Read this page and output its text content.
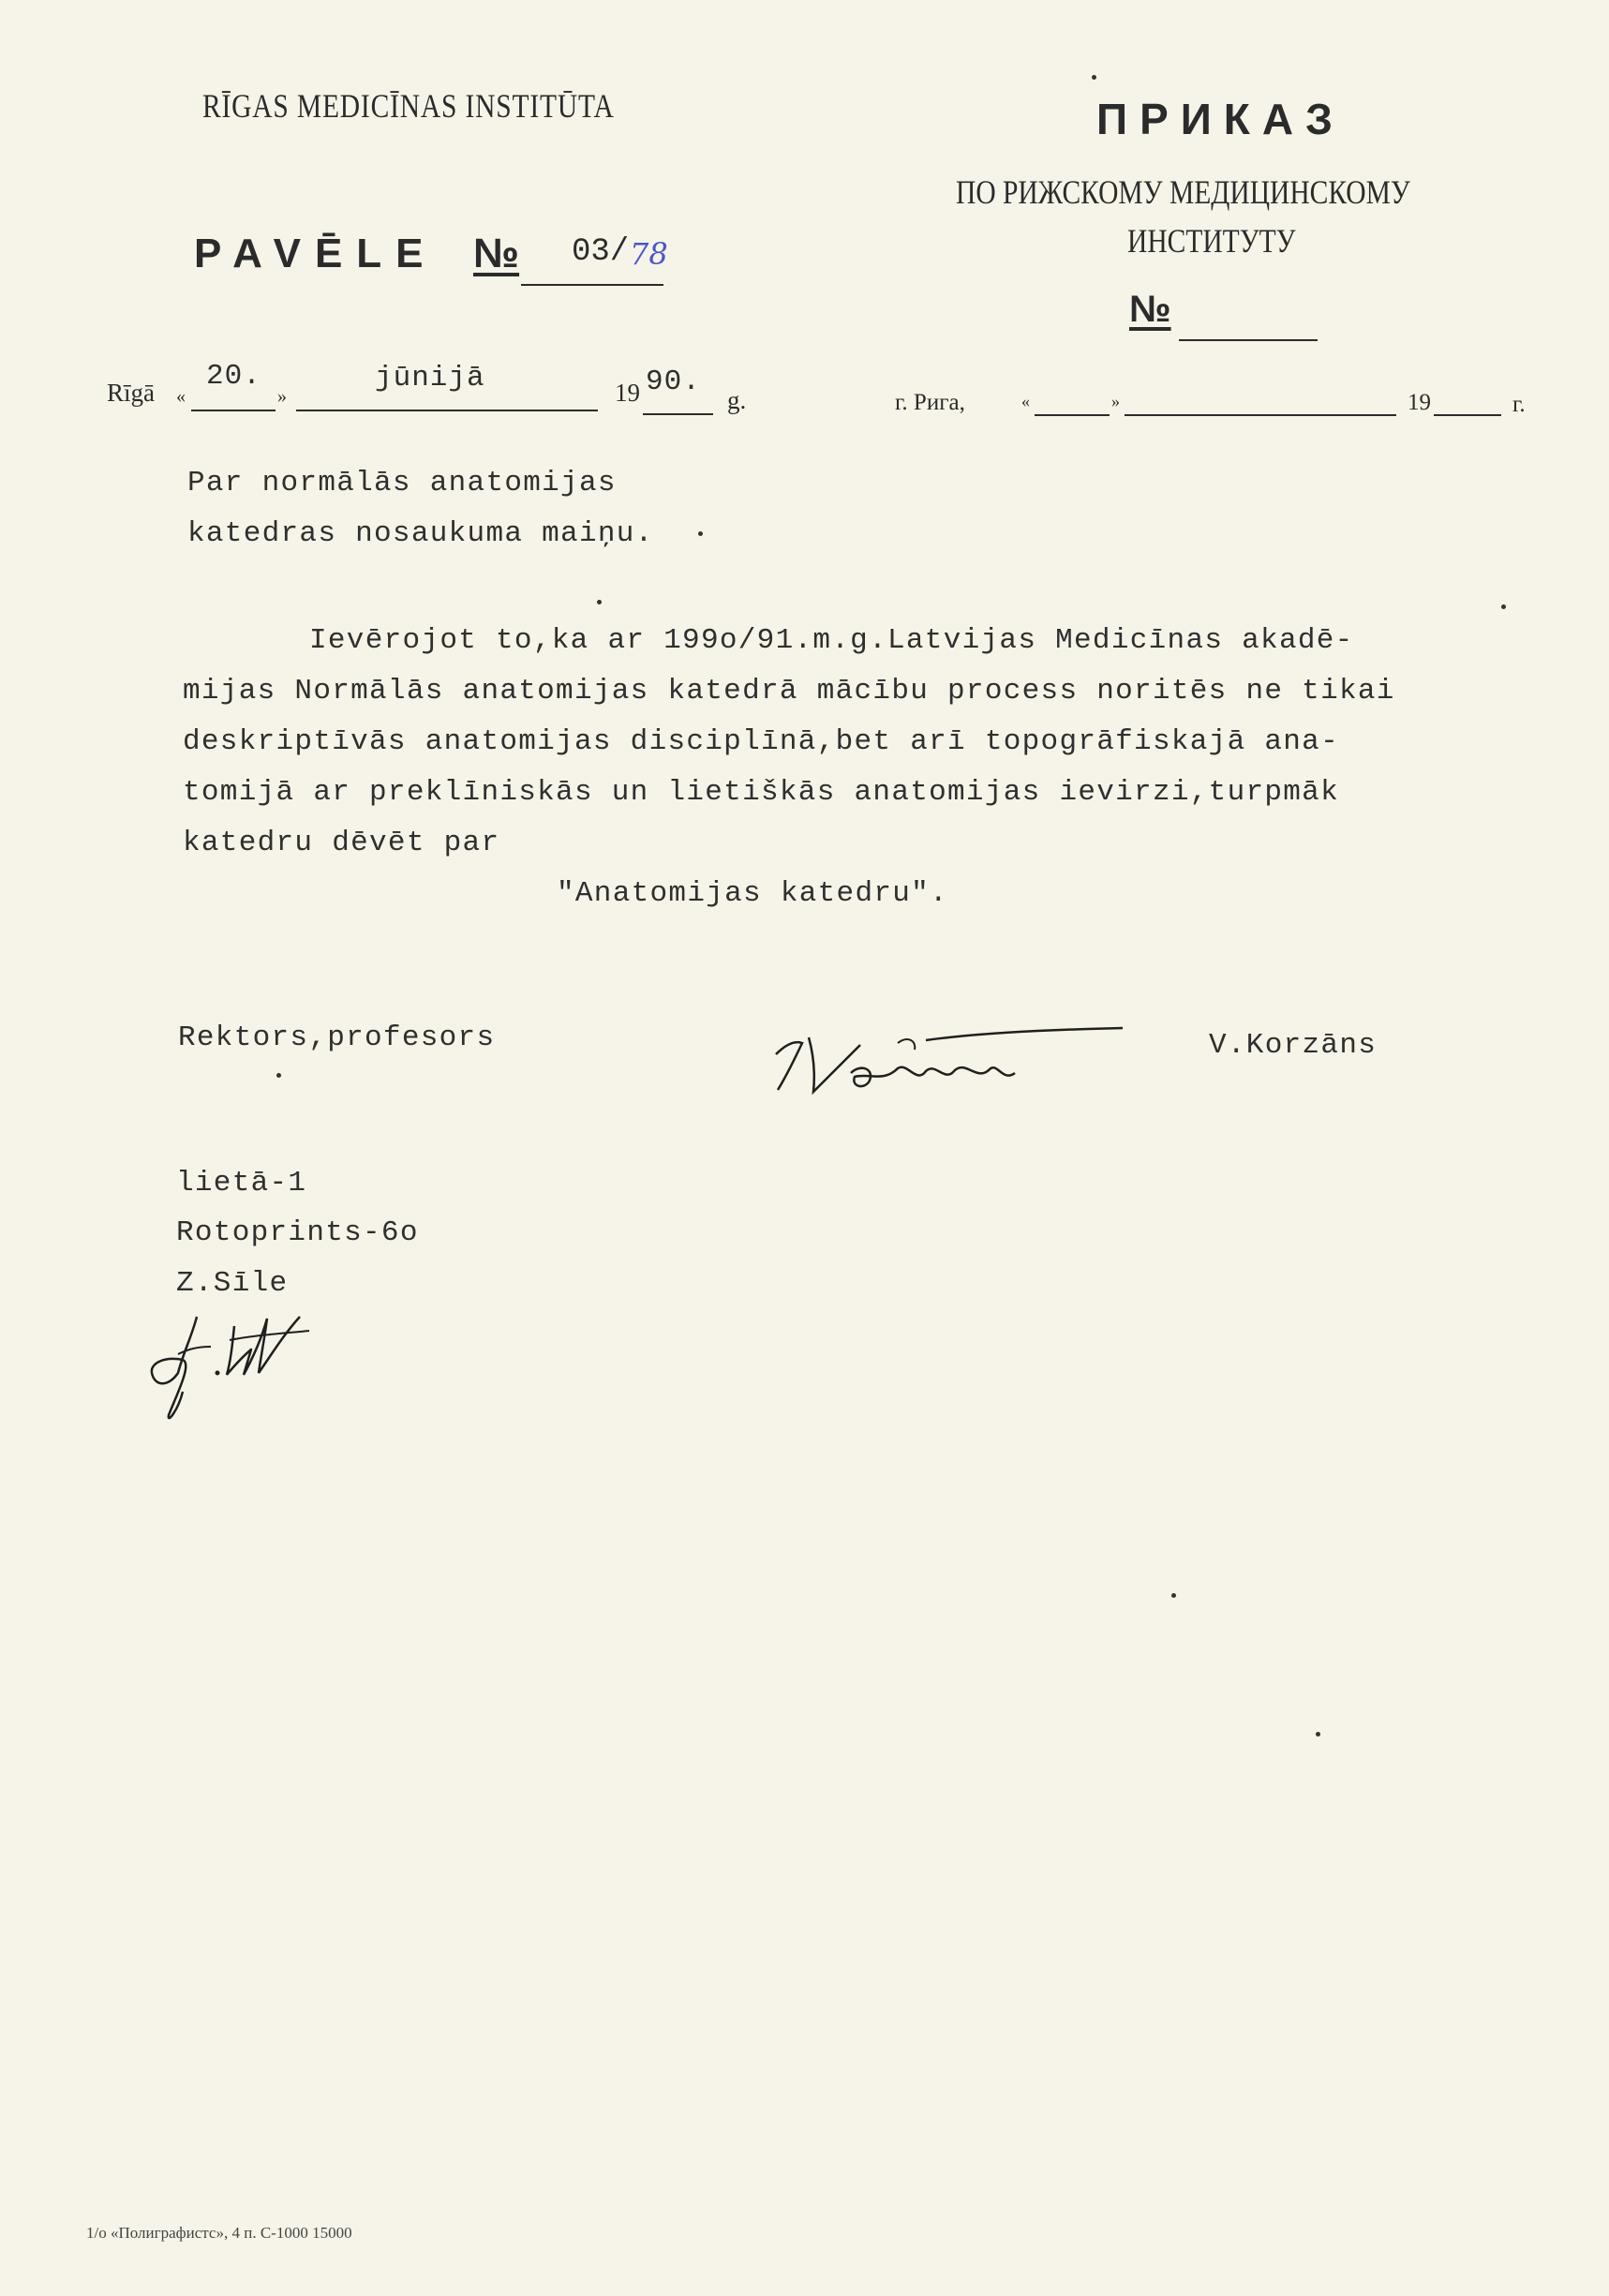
RĪGAS MEDICĪNAS INSTITŪTA
PAVĒLE № 03/ 78
ПРИКАЗ
ПО РИЖСКОМУ МЕДИЦИНСКОМУ
ИНСТИТУТУ
№
Rīgā «
20.
»
jūnijā	19 90.
g.	г. Рига,	«	»	19	г.
Par normālās anatomijas
katedras nosaukuma maiņu.
Ievērojot to,ka ar 199o/91.m.g.Latvijas Medicīnas akadē-
mijas Normālās anatomijas katedrā mācību process noritēs ne tikai
deskriptīvās anatomijas disciplīnā,bet arī topogrāfiskajā ana-
tomijā ar preklīniskās un lietiškās anatomijas ievirzi,turpmāk
katedru dēvēt par
"Anatomijas katedru".
Rektors,profesors	V.Korzāns
lietā-1
Rotoprints-6o
Z.Sīle
1/о «Полиграфистс», 4 п. С-1000 15000
